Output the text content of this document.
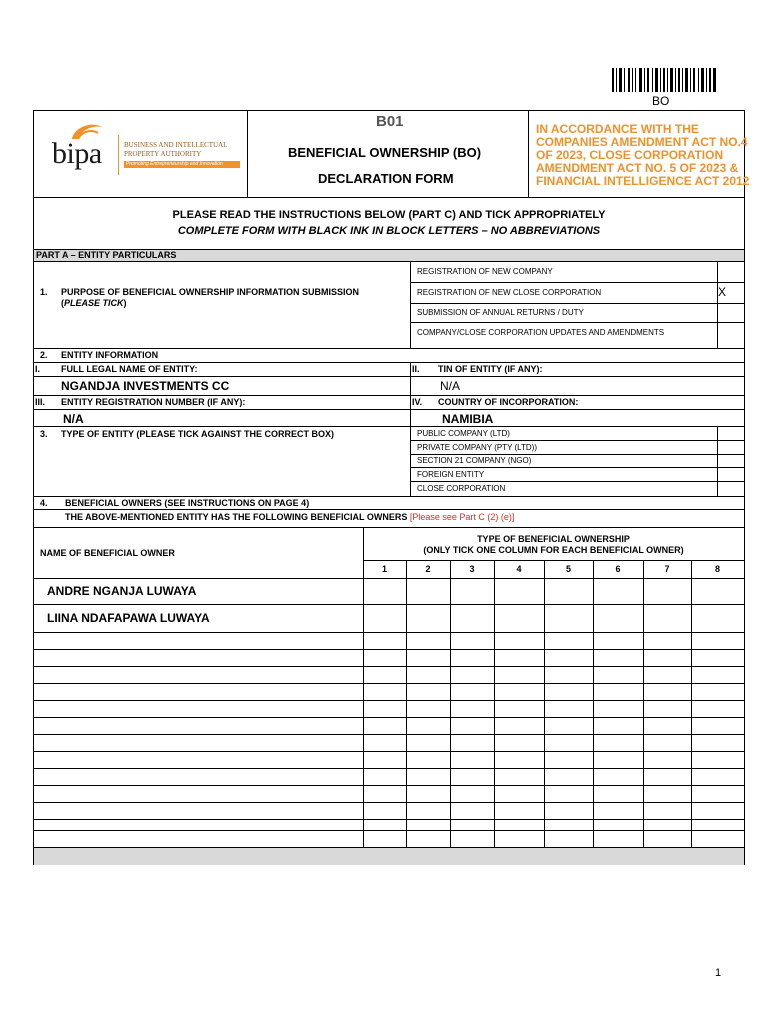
BO
bipa	BUSINESS AND INTELLECTUAL
PROPERTY AUTHORITY
Promoting Entrepreneurship and Innovation
B01
BENEFICIAL OWNERSHIP (BO)
DECLARATION FORM
IN ACCORDANCE WITH THE
COMPANIES AMENDMENT ACT NO.4
OF 2023, CLOSE CORPORATION
AMENDMENT ACT NO. 5 OF 2023 &
FINANCIAL INTELLIGENCE ACT 2012
PLEASE READ THE INSTRUCTIONS BELOW (PART C) AND TICK APPROPRIATELY
COMPLETE FORM WITH BLACK INK IN BLOCK LETTERS – NO ABBREVIATIONS
PART A – ENTITY PARTICULARS
1. PURPOSE OF BENEFICIAL OWNERSHIP INFORMATION SUBMISSION
(PLEASE TICK)
REGISTRATION OF NEW COMPANY
REGISTRATION OF NEW CLOSE CORPORATION	X
SUBMISSION OF ANNUAL RETURNS / DUTY
COMPANY/CLOSE CORPORATION UPDATES AND AMENDMENTS
2. ENTITY INFORMATION
I. FULL LEGAL NAME OF ENTITY:	II. TIN OF ENTITY (IF ANY):
NGANDJA INVESTMENTS CC	N/A
III. ENTITY REGISTRATION NUMBER (IF ANY):	IV. COUNTRY OF INCORPORATION:
N/A	NAMIBIA
3. TYPE OF ENTITY (PLEASE TICK AGAINST THE CORRECT BOX)	PUBLIC COMPANY (LTD)
PRIVATE COMPANY (PTY (LTD))
SECTION 21 COMPANY (NGO)
FOREIGN ENTITY
CLOSE CORPORATION
4. BENEFICIAL OWNERS (SEE INSTRUCTIONS ON PAGE 4)
THE ABOVE-MENTIONED ENTITY HAS THE FOLLOWING BENEFICIAL OWNERS [Please see Part C (2) (e)]
NAME OF BENEFICIAL OWNER
TYPE OF BENEFICIAL OWNERSHIP
(ONLY TICK ONE COLUMN FOR EACH BENEFICIAL OWNER)
1	2	3	4	5	6	7	8
ANDRE NGANJA LUWAYA
LIINA NDAFAPAWA LUWAYA
1
